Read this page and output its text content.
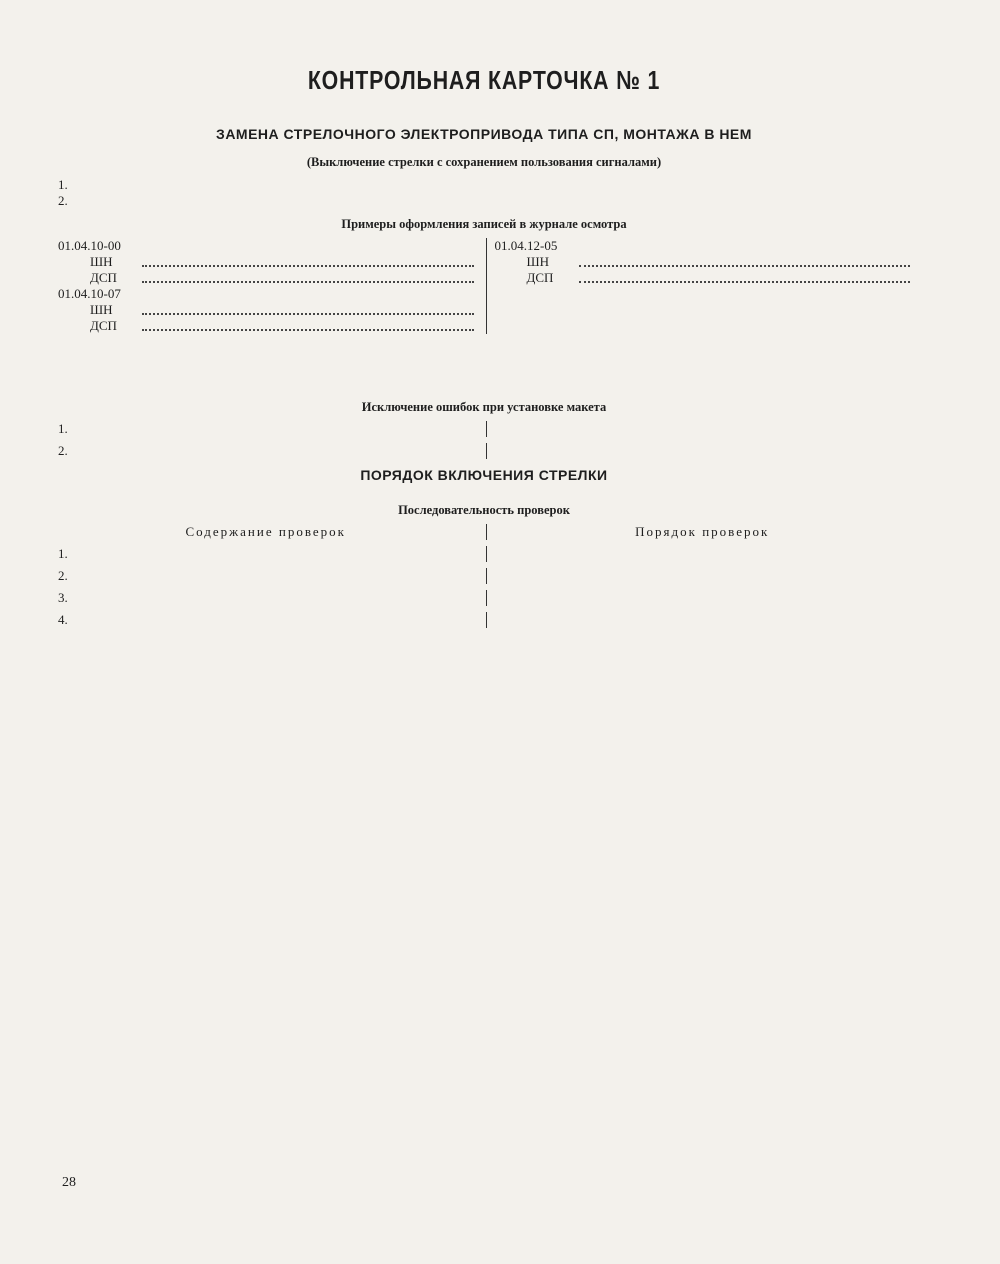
КОНТРОЛЬНАЯ КАРТОЧКА № 1
ЗАМЕНА СТРЕЛОЧНОГО ЭЛЕКТРОПРИВОДА ТИПА СП, МОНТАЖА В НЕМ
(Выключение стрелки с сохранением пользования сигналами)
1.
2.
Примеры оформления записей в журнале осмотра
01.04.10-00
ШН
ДСП
01.04.10-07
ШН
ДСП
01.04.12-05
ШН
ДСП
Исключение ошибок при установке макета
1.
2.
ПОРЯДОК ВКЛЮЧЕНИЯ СТРЕЛКИ
Последовательность проверок
Содержание проверок	Порядок проверок
1.
2.
3.
4.
28
